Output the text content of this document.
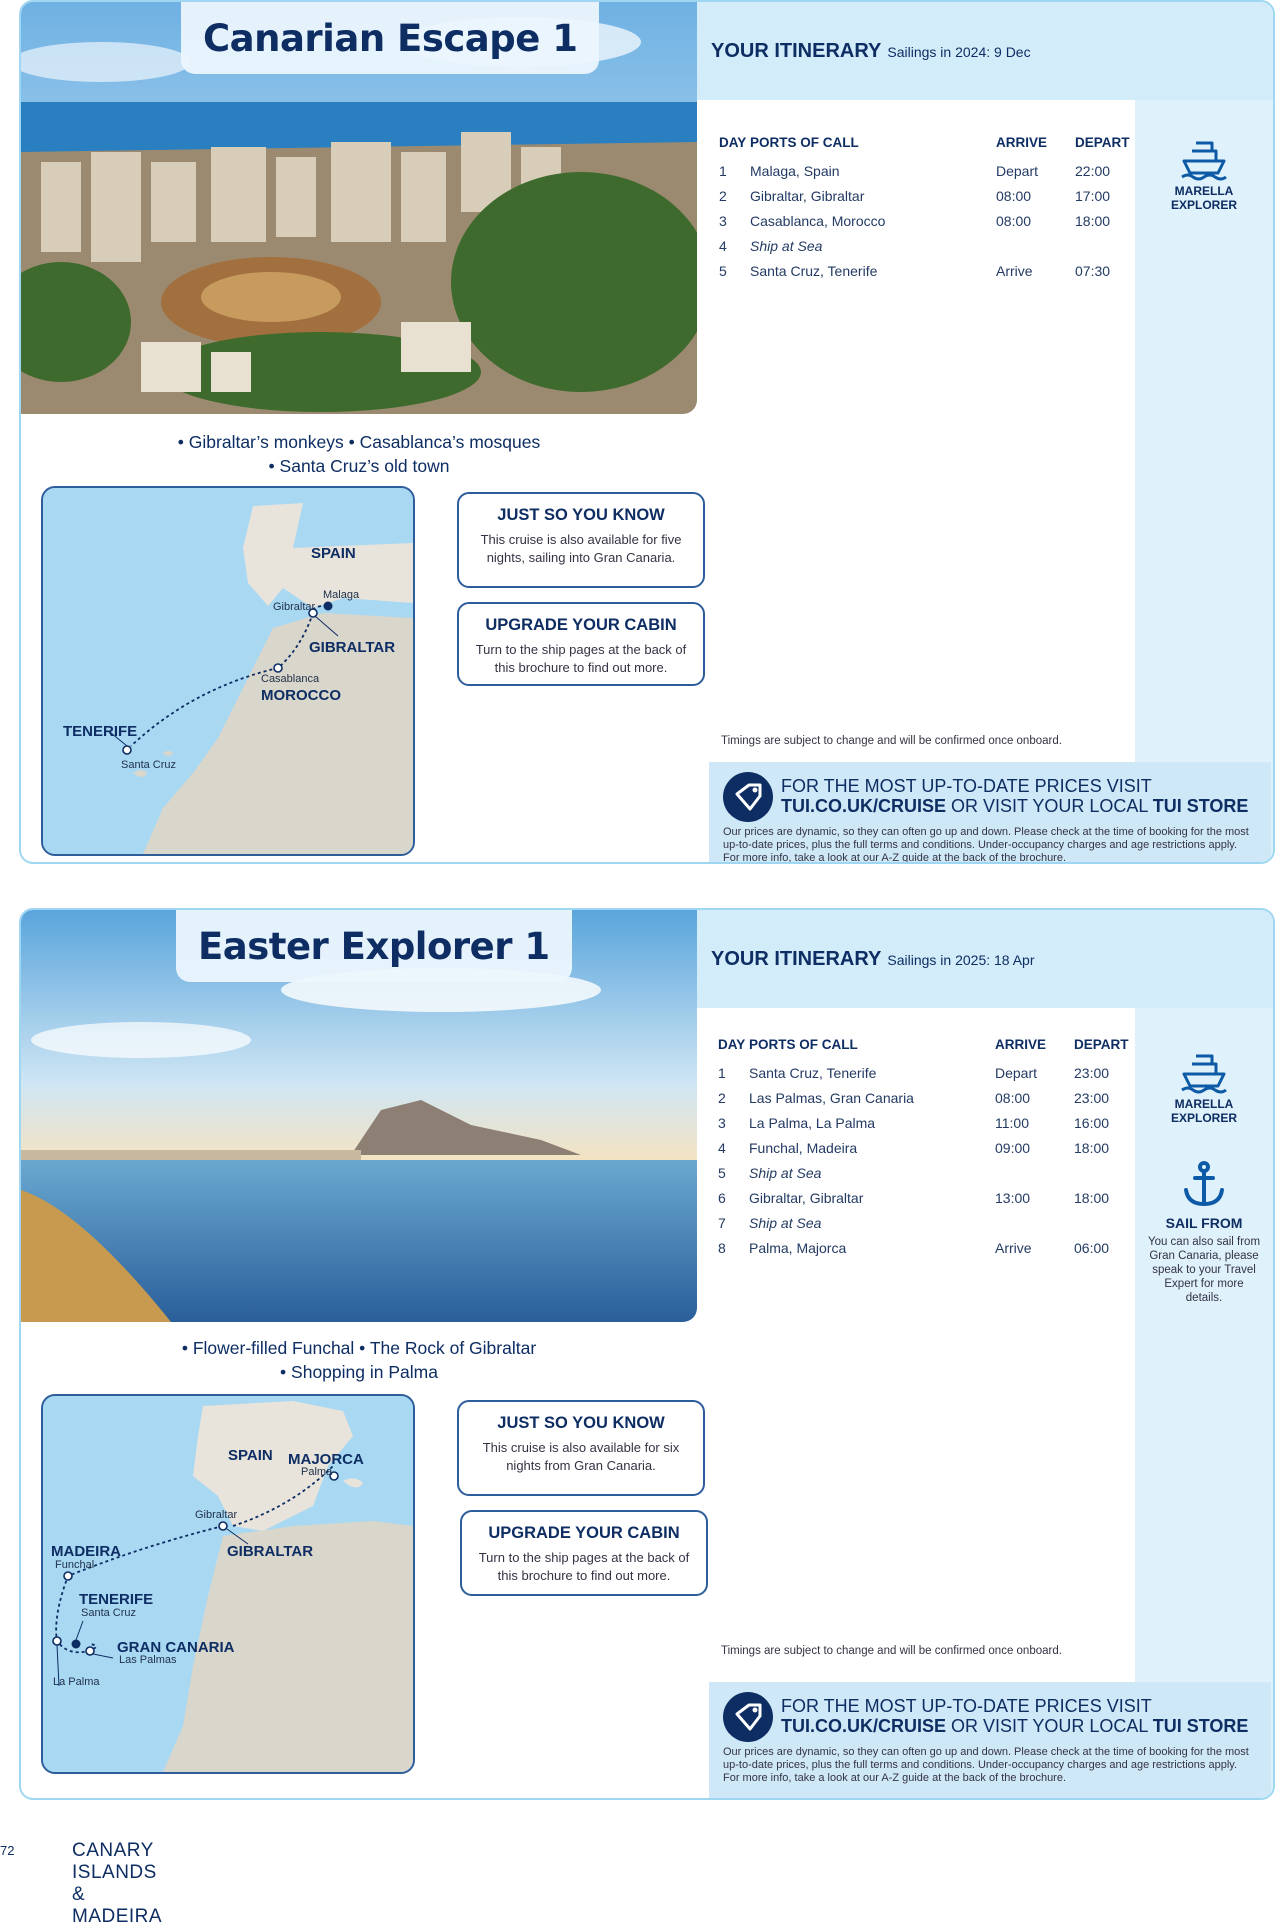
Canarian Escape 1	YOUR ITINERARY Sailings in 2024: 9 Dec
DAY PORTS OF CALL	ARRIVE	DEPART
1	Malaga, Spain	Depart	22:00
2	Gibraltar, Gibraltar	08:00	17:00
3	Casablanca, Morocco	08:00	18:00
4	Ship at Sea
5	Santa Cruz, Tenerife	Arrive	07:30
MARELLA
EXPLORER
• Gibraltar’s monkeys • Casablanca’s mosques
• Santa Cruz’s old town
SPAIN
Malaga
Gibraltar
GIBRALTAR
Casablanca
MOROCCO
TENERIFE
Santa Cruz
JUST SO YOU KNOW
This cruise is also available for five nights, sailing into Gran Canaria.
UPGRADE YOUR CABIN
Turn to the ship pages at the back of this brochure to find out more.
Timings are subject to change and will be confirmed once onboard.
FOR THE MOST UP-TO-DATE PRICES VISIT
TUI.CO.UK/CRUISE OR VISIT YOUR LOCAL TUI STORE
Our prices are dynamic, so they can often go up and down. Please check at the time of booking for the most up-to-date prices, plus the full terms and conditions. Under-occupancy charges and age restrictions apply. For more info, take a look at our A-Z guide at the back of the brochure.
Easter Explorer 1	YOUR ITINERARY Sailings in 2025: 18 Apr
DAY PORTS OF CALL	ARRIVE	DEPART
1	Santa Cruz, Tenerife	Depart	23:00
2	Las Palmas, Gran Canaria	08:00	23:00
3	La Palma, La Palma	11:00	16:00
4	Funchal, Madeira	09:00	18:00
5	Ship at Sea
6	Gibraltar, Gibraltar	13:00	18:00
7	Ship at Sea
8	Palma, Majorca	Arrive	06:00
MARELLA
EXPLORER
SAIL FROM
You can also sail from Gran Canaria, please speak to your Travel Expert for more details.
• Flower-filled Funchal • The Rock of Gibraltar
• Shopping in Palma
SPAIN MAJORCA
Palma
Gibraltar
GIBRALTAR
MADEIRA
Funchal
TENERIFE
Santa Cruz
GRAN CANARIA
Las Palmas
La Palma
JUST SO YOU KNOW
This cruise is also available for six nights from Gran Canaria.
UPGRADE YOUR CABIN
Turn to the ship pages at the back of this brochure to find out more.
Timings are subject to change and will be confirmed once onboard.
FOR THE MOST UP-TO-DATE PRICES VISIT
TUI.CO.UK/CRUISE OR VISIT YOUR LOCAL TUI STORE
Our prices are dynamic, so they can often go up and down. Please check at the time of booking for the most up-to-date prices, plus the full terms and conditions. Under-occupancy charges and age restrictions apply. For more info, take a look at our A-Z guide at the back of the brochure.
72	CANARY ISLANDS & MADEIRA
